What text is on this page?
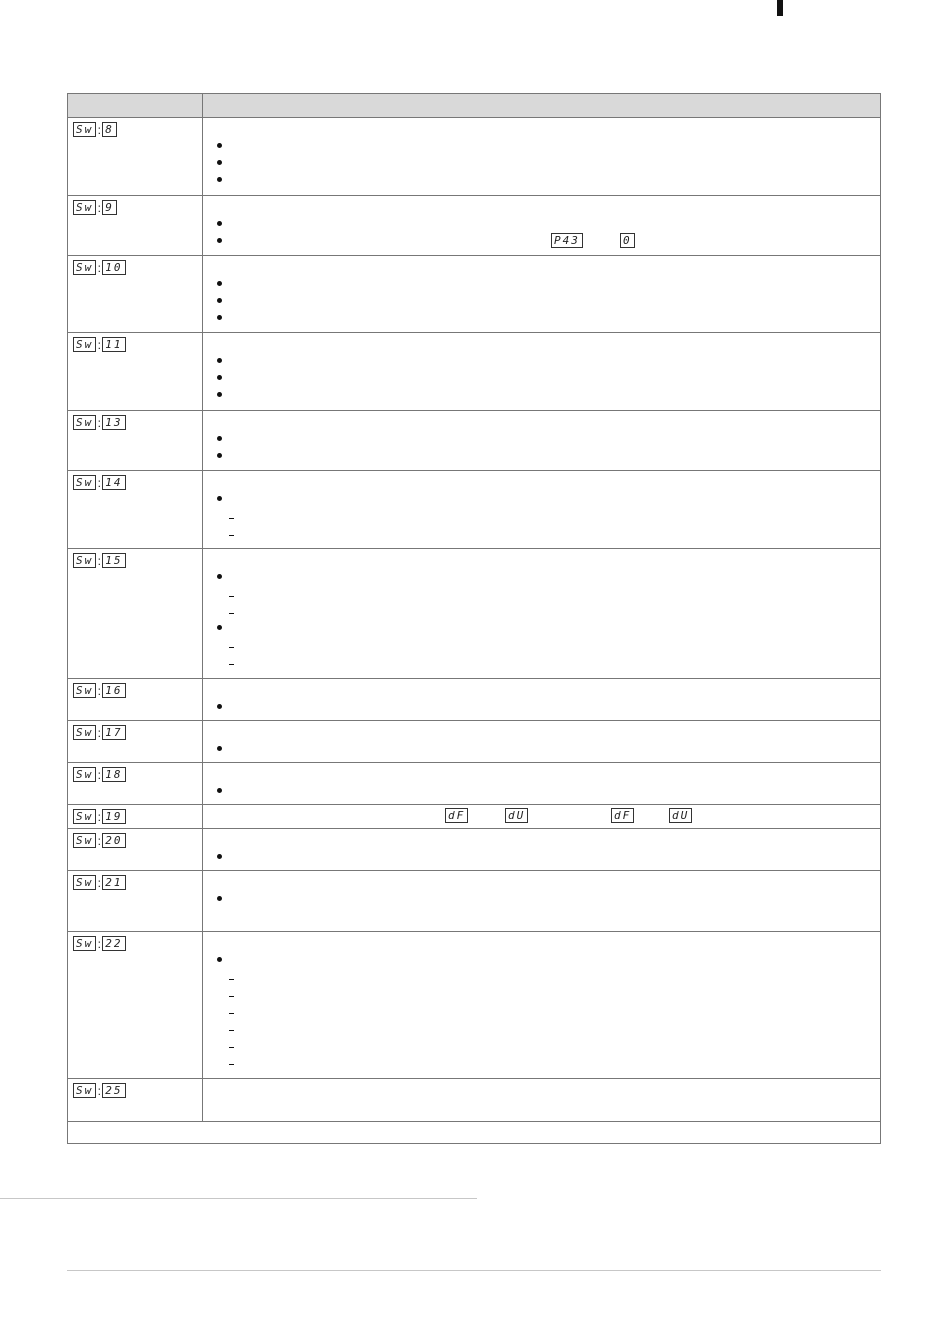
Sw : 8	

Sw : 9	P43 0

Sw : 10	

Sw : 11	

Sw : 13	

Sw : 14	

Sw : 15	

Sw : 16	

Sw : 17	

Sw : 18	

Sw : 19	dF dU dF dU

Sw : 20	

Sw : 21	

Sw : 22	

Sw : 25	
